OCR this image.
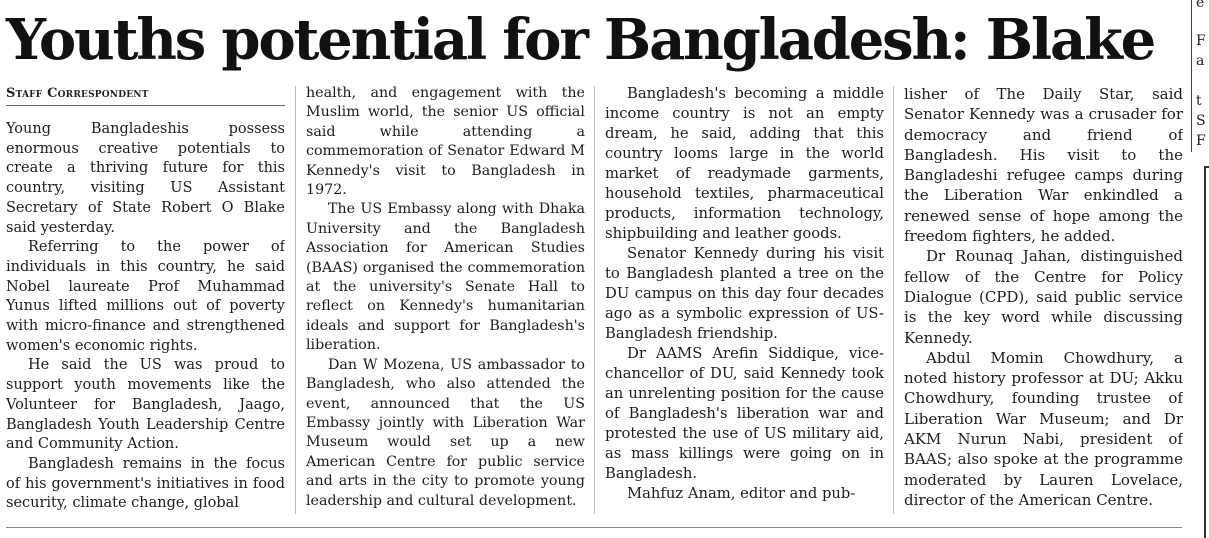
Youths potential for Bangladesh: Blake
Staff Correspondent

Young Bangladeshis possess enormous creative potentials to create a thriving future for this country, visiting US Assistant Secretary of State Robert O Blake said yesterday.

Referring to the power of individuals in this country, he said Nobel laureate Prof Muhammad Yunus lifted millions out of poverty with micro-finance and strengthened women's economic rights.

He said the US was proud to support youth movements like the Volunteer for Bangladesh, Jaago, Bangladesh Youth Leadership Centre and Community Action.

Bangladesh remains in the focus of his government's initiatives in food security, climate change, global

health, and engagement with the Muslim world, the senior US official said while attending a commemoration of Senator Edward M Kennedy's visit to Bangladesh in 1972.

The US Embassy along with Dhaka University and the Bangladesh Association for American Studies (BAAS) organised the commemoration at the university's Senate Hall to reflect on Kennedy's humanitarian ideals and support for Bangladesh's liberation.

Dan W Mozena, US ambassador to Bangladesh, who also attended the event, announced that the US Embassy jointly with Liberation War Museum would set up a new American Centre for public service and arts in the city to promote young leadership and cultural development.

Bangladesh's becoming a middle income country is not an empty dream, he said, adding that this country looms large in the world market of readymade garments, household textiles, pharmaceutical products, information technology, shipbuilding and leather goods.

Senator Kennedy during his visit to Bangladesh planted a tree on the DU campus on this day four decades ago as a symbolic expression of US-Bangladesh friendship.

Dr AAMS Arefin Siddique, vice-chancellor of DU, said Kennedy took an unrelenting position for the cause of Bangladesh's liberation war and protested the use of US military aid, as mass killings were going on in Bangladesh.

Mahfuz Anam, editor and pub-

lisher of The Daily Star, said Senator Kennedy was a crusader for democracy and friend of Bangladesh. His visit to the Bangladeshi refugee camps during the Liberation War enkindled a renewed sense of hope among the freedom fighters, he added.

Dr Rounaq Jahan, distinguished fellow of the Centre for Policy Dialogue (CPD), said public service is the key word while discussing Kennedy.

Abdul Momin Chowdhury, a noted history professor at DU; Akku Chowdhury, founding trustee of Liberation War Museum; and Dr AKM Nurun Nabi, president of BAAS; also spoke at the programme moderated by Lauren Lovelace, director of the American Centre.

e
F
a
t
S
F
